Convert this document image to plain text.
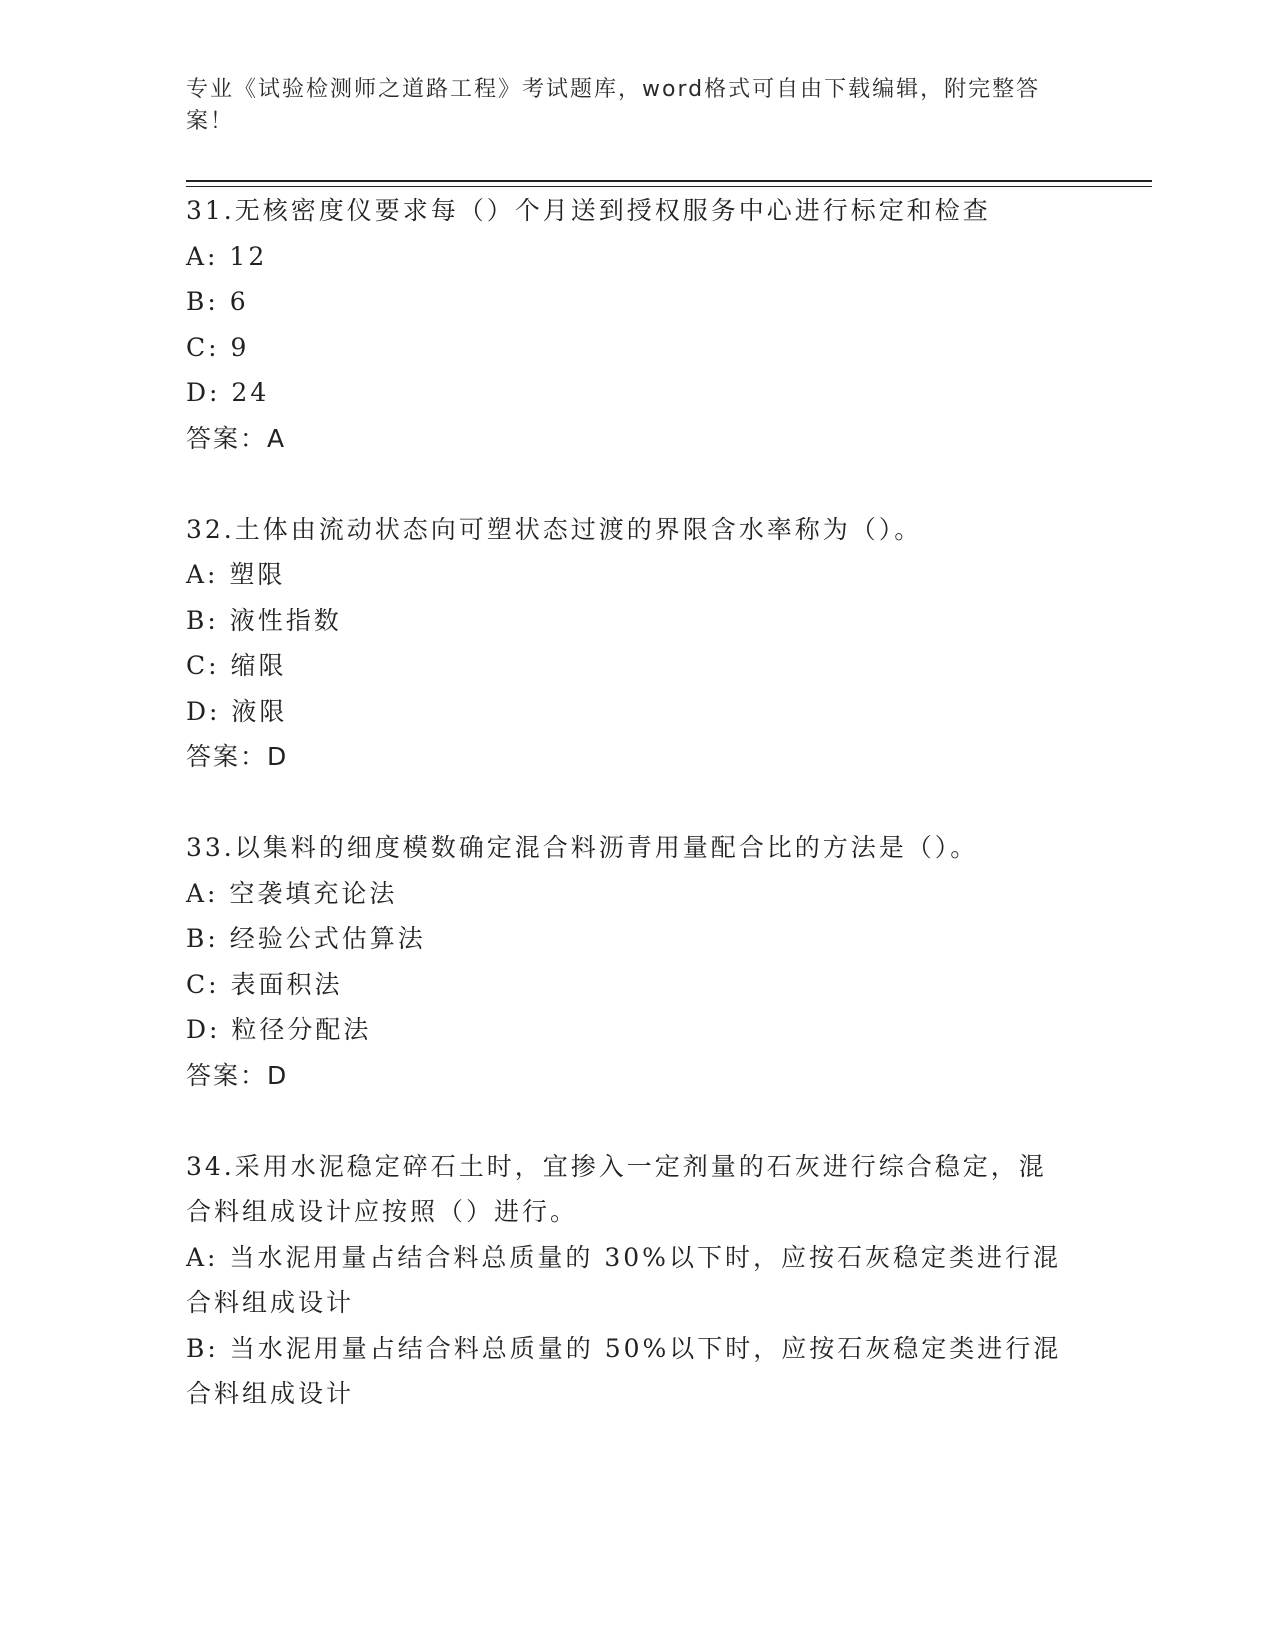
专业《试验检测师之道路工程》考试题库，word格式可自由下载编辑，附完整答案！
31.无核密度仪要求每（）个月送到授权服务中心进行标定和检查
A: 12
B: 6
C: 9
D: 24
答案：A
32.土体由流动状态向可塑状态过渡的界限含水率称为（）。
A: 塑限
B: 液性指数
C: 缩限
D: 液限
答案：D
33.以集料的细度模数确定混合料沥青用量配合比的方法是（）。
A: 空袭填充论法
B: 经验公式估算法
C: 表面积法
D: 粒径分配法
答案：D
34.采用水泥稳定碎石土时，宜掺入一定剂量的石灰进行综合稳定，混
合料组成设计应按照（）进行。
A: 当水泥用量占结合料总质量的 30%以下时，应按石灰稳定类进行混
合料组成设计
B: 当水泥用量占结合料总质量的 50%以下时，应按石灰稳定类进行混
合料组成设计
